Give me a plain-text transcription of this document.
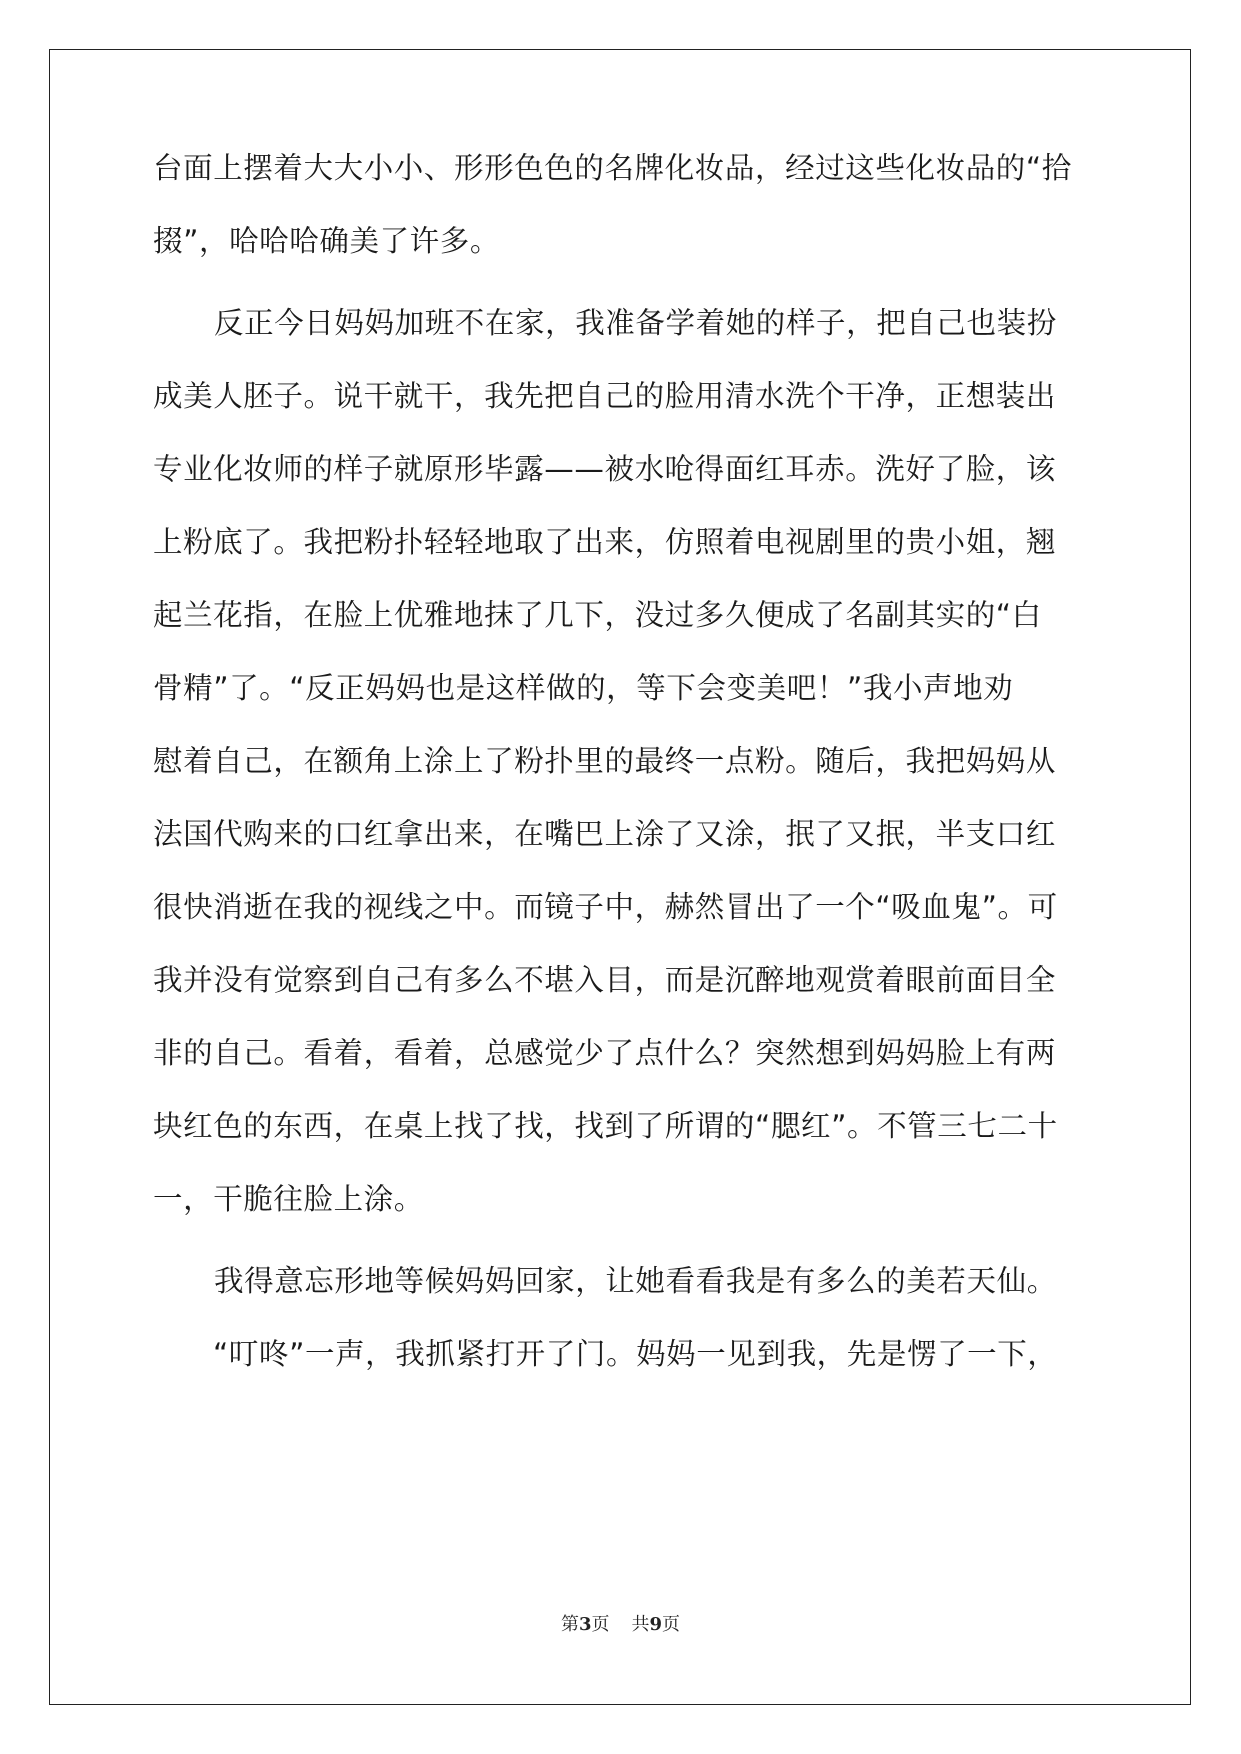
台面上摆着大大小小、形形色色的名牌化妆品，经过这些化妆品的“拾
掇”，哈哈哈确美了许多。
反正今日妈妈加班不在家，我准备学着她的样子，把自己也装扮
成美人胚子。说干就干，我先把自己的脸用清水洗个干净，正想装出
专业化妆师的样子就原形毕露——被水呛得面红耳赤。洗好了脸，该
上粉底了。我把粉扑轻轻地取了出来，仿照着电视剧里的贵小姐，翘
起兰花指，在脸上优雅地抹了几下，没过多久便成了名副其实的“白
骨精”了。“反正妈妈也是这样做的，等下会变美吧！”我小声地劝
慰着自己，在额角上涂上了粉扑里的最终一点粉。随后，我把妈妈从
法国代购来的口红拿出来，在嘴巴上涂了又涂，抿了又抿，半支口红
很快消逝在我的视线之中。而镜子中，赫然冒出了一个“吸血鬼”。可
我并没有觉察到自己有多么不堪入目，而是沉醉地观赏着眼前面目全
非的自己。看着，看着，总感觉少了点什么？突然想到妈妈脸上有两
块红色的东西，在桌上找了找，找到了所谓的“腮红”。不管三七二十
一，干脆往脸上涂。
我得意忘形地等候妈妈回家，让她看看我是有多么的美若天仙。
“叮咚”一声，我抓紧打开了门。妈妈一见到我，先是愣了一下，
第3页 共9页
